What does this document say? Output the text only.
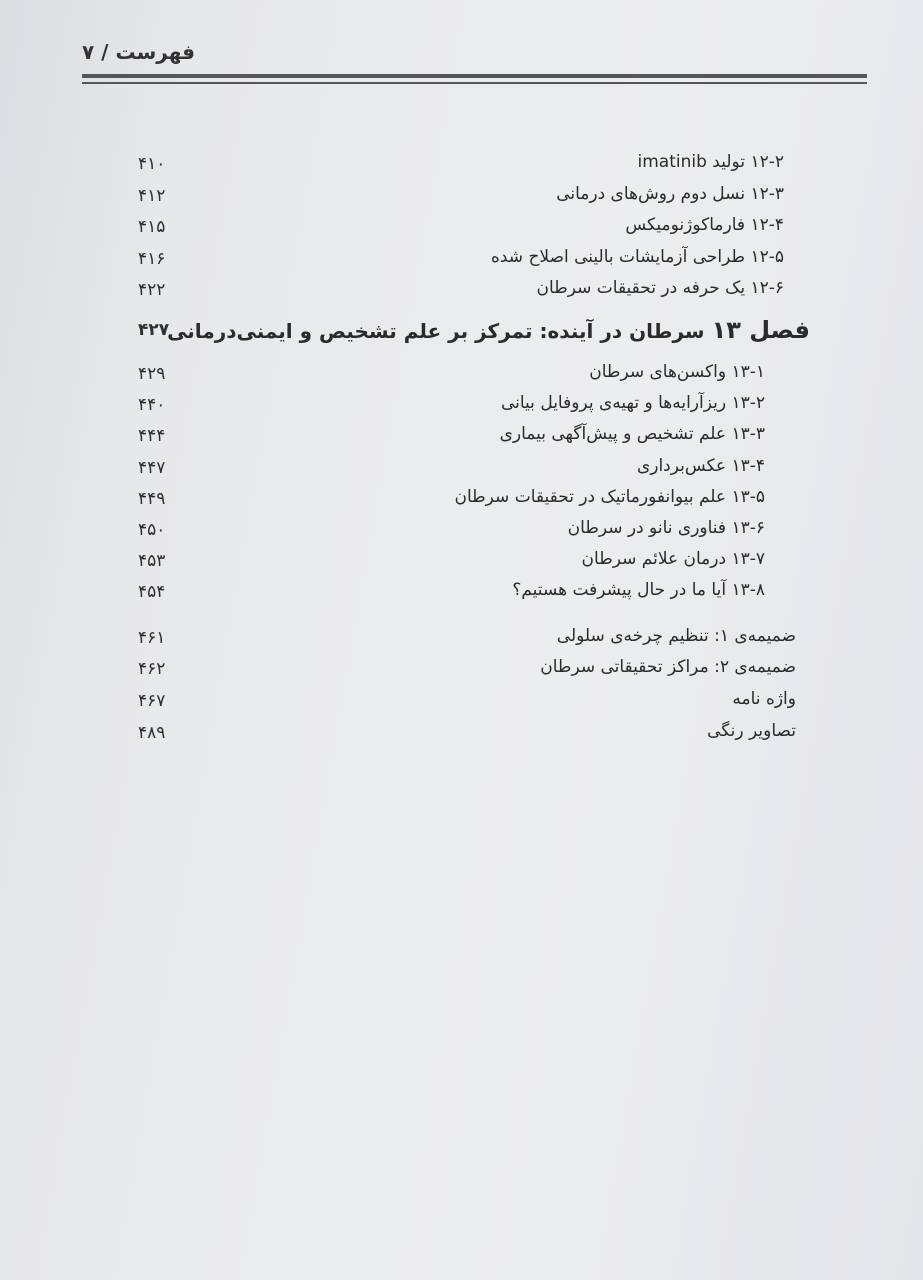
فهرست / ۷
۴۱۰	۱۲-۲ تولید imatinib
۴۱۲	۱۲-۳ نسل دوم روش‌های درمانی
۴۱۵	۱۲-۴ فارماکوژنومیکس
۴۱۶	۱۲-۵ طراحی آزمایشات بالینی اصلاح شده
۴۲۲	۱۲-۶ یک حرفه در تحقیقات سرطان
۴۲۷	فصل ۱۳ سرطان در آینده: تمرکز بر علم تشخیص و ایمنی‌درمانی
۴۲۹	۱۳-۱ واکسن‌های سرطان
۴۴۰	۱۳-۲ ریزآرایه‌ها و تهیه‌ی پروفایل بیانی
۴۴۴	۱۳-۳ علم تشخیص و پیش‌آگهی بیماری
۴۴۷	۱۳-۴ عکس‌برداری
۴۴۹	۱۳-۵ علم بیوانفورماتیک در تحقیقات سرطان
۴۵۰	۱۳-۶ فناوری نانو در سرطان
۴۵۳	۱۳-۷ درمان علائم سرطان
۴۵۴	۱۳-۸ آیا ما در حال پیشرفت هستیم؟
۴۶۱	ضمیمه‌ی ۱: تنظیم چرخه‌ی سلولی
۴۶۲	ضمیمه‌ی ۲: مراکز تحقیقاتی سرطان
۴۶۷	واژه نامه
۴۸۹	تصاویر رنگی
